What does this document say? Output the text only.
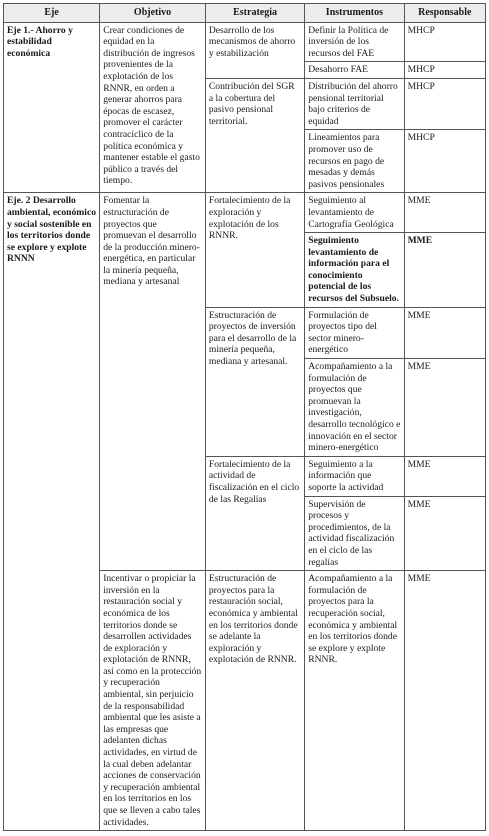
Eje	Objetivo	Estrategia	Instrumentos	Responsable
Eje 1.- Ahorro y estabilidad económica	Crear condiciones de equidad en la distribución de ingresos provenientes de la explotación de los RNNR, en orden a generar ahorros para épocas de escasez, promover el carácter contracíclico de la política económica y mantener estable el gasto público a través del tiempo.	Desarrollo de los mecanismos de ahorro y estabilización	Definir la Política de inversión de los recursos del FAE	MHCP
			Desahorro FAE	MHCP
		Contribución del SGR a la cobertura del pasivo pensional territorial.	Distribución del ahorro pensional territorial bajo criterios de equidad	MHCP
			Lineamientos para promover uso de recursos en pago de mesadas y demás pasivos pensionales	MHCP
Eje. 2 Desarrollo ambiental, económico y social sostenible en los territorios donde se explore y explote RNNN	Fomentar la estructuración de proyectos que promuevan el desarrollo de la producción minero-energética, en particular la minería pequeña, mediana y artesanal	Fortalecimiento de la exploración y explotación de los RNNR.	Seguimiento al levantamiento de Cartografía Geológica	MME
			Seguimiento levantamiento de información para el conocimiento potencial de los recursos del Subsuelo.	MME
		Estructuración de proyectos de inversión para el desarrollo de la minería pequeña, mediana y artesanal.	Formulación de proyectos tipo del sector minero-energético	MME
			Acompañamiento a la formulación de proyectos que promuevan la investigación, desarrollo tecnológico e innovación en el sector minero-energético	MME
		Fortalecimiento de la actividad de fiscalización en el ciclo de las Regalías	Seguimiento a la información que soporte la actividad	MME
			Supervisión de procesos y procedimientos, de la actividad fiscalización en el ciclo de las regalías	MME
	Incentivar o propiciar la inversión en la restauración social y económica de los territorios donde se desarrollen actividades de exploración y explotación de RNNR, así como en la protección y recuperación ambiental, sin perjuicio de la responsabilidad ambiental que les asiste a las empresas que adelanten dichas actividades, en virtud de la cual deben adelantar acciones de conservación y recuperación ambiental en los territorios en los que se lleven a cabo tales actividades.	Estructuración de proyectos para la restauración social, económica y ambiental en los territorios donde se adelante la exploración y explotación de RNNR.	Acompañamiento a la formulación de proyectos para la recuperación social, económica y ambiental en los territorios donde se explore y explote RNNR.	MME
